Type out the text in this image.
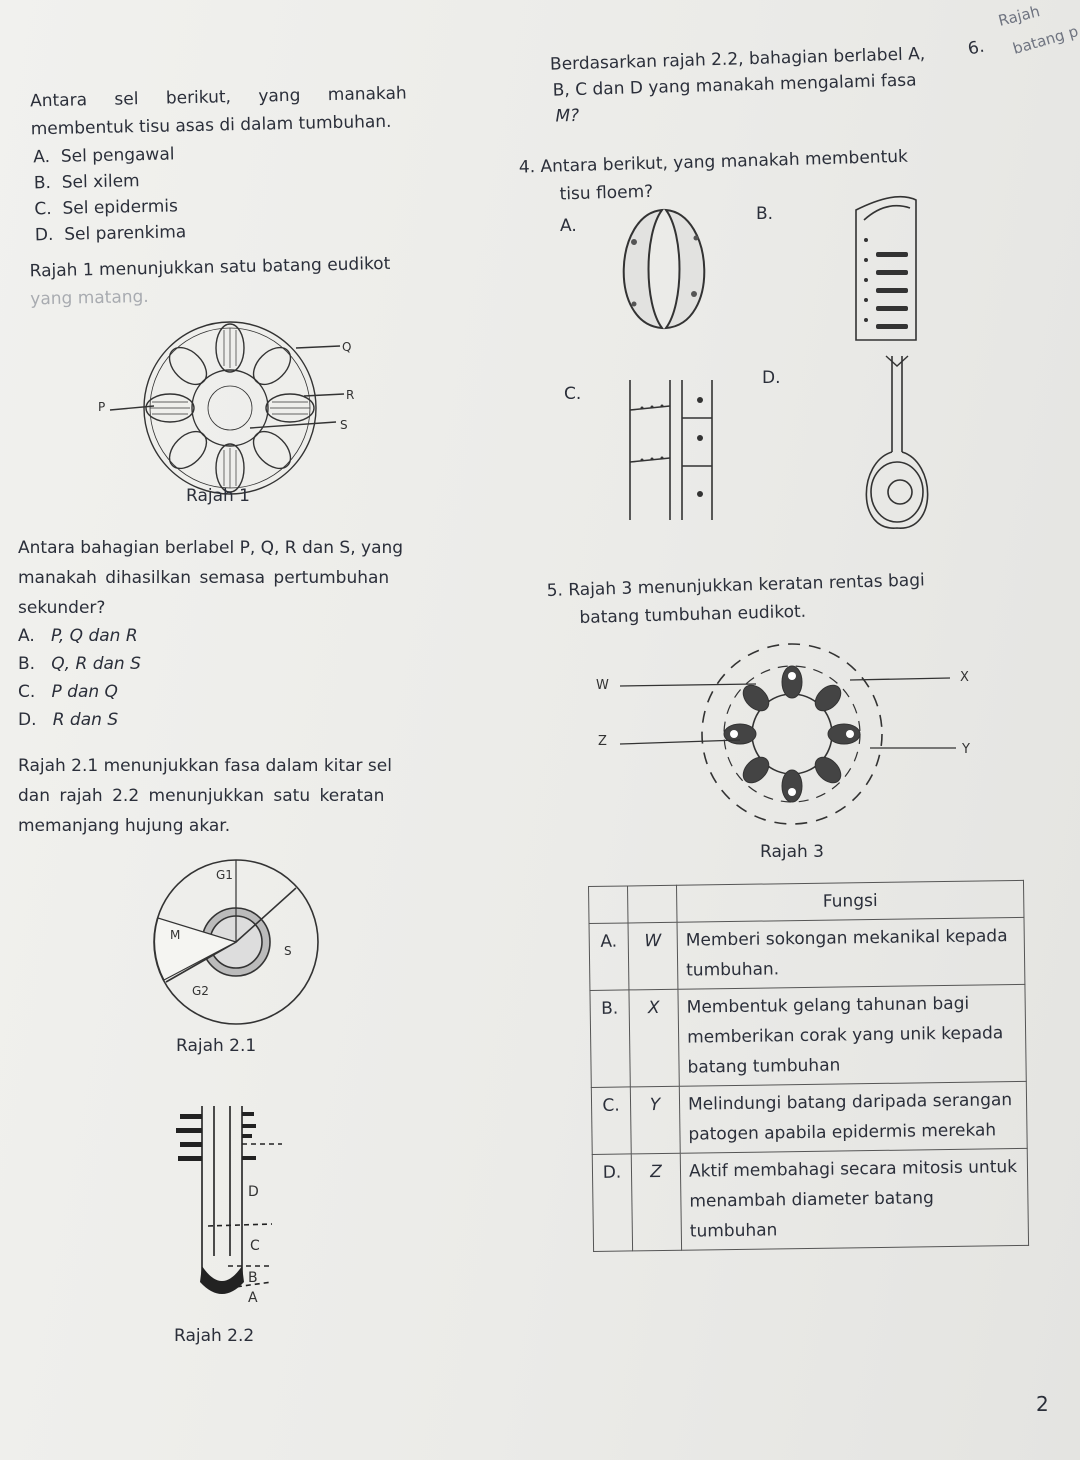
6.
Rajah
batang p
Antara sel berikut, yang manakah
membentuk tisu asas di dalam tumbuhan.
A. Sel pengawal
B. Sel xilem
C. Sel epidermis
D. Sel parenkima
Rajah 1 menunjukkan satu batang eudikot
yang matang.
P
Q
R
S
Rajah 1
Antara bahagian berlabel P, Q, R dan S, yang
manakah dihasilkan semasa pertumbuhan
sekunder?
A. P, Q dan R
B. Q, R dan S
C. P dan Q
D. R dan S
Rajah 2.1 menunjukkan fasa dalam kitar sel
dan rajah 2.2 menunjukkan satu keratan
memanjang hujung akar.
G1
M
S
G2
Rajah 2.1
D
C
B
A
Rajah 2.2
Berdasarkan rajah 2.2, bahagian berlabel A,
B, C dan D yang manakah mengalami fasa
M?
4. Antara berikut, yang manakah membentuk
tisu floem?
A.
B.
C.
D.
5. Rajah 3 menunjukkan keratan rentas bagi
batang tumbuhan eudikot.
W
X
Z
Y
Rajah 3
		Fungsi
A.	W	Memberi sokongan mekanikal kepada tumbuhan.
B.	X	Membentuk gelang tahunan bagi memberikan corak yang unik kepada batang tumbuhan
C.	Y	Melindungi batang daripada serangan patogen apabila epidermis merekah
D.	Z	Aktif membahagi secara mitosis untuk menambah diameter batang tumbuhan
2
